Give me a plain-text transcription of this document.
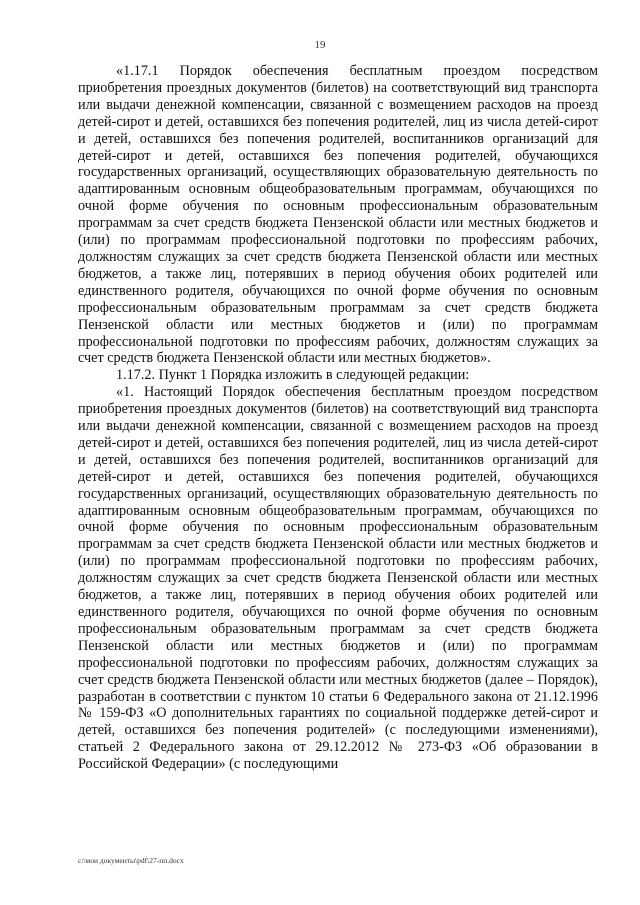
19

«1.17.1 Порядок обеспечения бесплатным проездом посредством приобретения проездных документов (билетов) на соответствующий вид транспорта или выдачи денежной компенсации, связанной с возмещением расходов на проезд детей-сирот и детей, оставшихся без попечения родителей, лиц из числа детей-сирот и детей, оставшихся без попечения родителей, воспитанников организаций для детей-сирот и детей, оставшихся без попечения родителей, обучающихся государственных организаций, осуществляющих образовательную деятельность по адаптированным основным общеобразовательным программам, обучающихся по очной форме обучения по основным профессиональным образовательным программам за счет средств бюджета Пензенской области или местных бюджетов и (или) по программам профессиональной подготовки по профессиям рабочих, должностям служащих за счет средств бюджета Пензенской области или местных бюджетов, а также лиц, потерявших в период обучения обоих родителей или единственного родителя, обучающихся по очной форме обучения по основным профессиональным образовательным программам за счет средств бюджета Пензенской области или местных бюджетов и (или) по программам профессиональной подготовки по профессиям рабочих, должностям служащих за счет средств бюджета Пензенской области или местных бюджетов».

1.17.2. Пункт 1 Порядка изложить в следующей редакции:

«1. Настоящий Порядок обеспечения бесплатным проездом посредством приобретения проездных документов (билетов) на соответствующий вид транспорта или выдачи денежной компенсации, связанной с возмещением расходов на проезд детей-сирот и детей, оставшихся без попечения родителей, лиц из числа детей-сирот и детей, оставшихся без попечения родителей, воспитанников организаций для детей-сирот и детей, оставшихся без попечения родителей, обучающихся государственных организаций, осуществляющих образовательную деятельность по адаптированным основным общеобразовательным программам, обучающихся по очной форме обучения по основным профессиональным образовательным программам за счет средств бюджета Пензенской области или местных бюджетов и (или) по программам профессиональной подготовки по профессиям рабочих, должностям служащих за счет средств бюджета Пензенской области или местных бюджетов, а также лиц, потерявших в период обучения обоих родителей или единственного родителя, обучающихся по очной форме обучения по основным профессиональным образовательным программам за счет средств бюджета Пензенской области или местных бюджетов и (или) по программам профессиональной подготовки по профессиям рабочих, должностям служащих за счет средств бюджета Пензенской области или местных бюджетов (далее – Порядок), разработан в соответствии с пунктом 10 статьи 6 Федерального закона от 21.12.1996 № 159-ФЗ «О дополнительных гарантиях по социальной поддержке детей-сирот и детей, оставшихся без попечения родителей» (с последующими изменениями), статьей 2 Федерального закона от 29.12.2012 № 273-ФЗ «Об образовании в Российской Федерации» (с последующими

c:\мои документы\pdf\27-пп.docx
